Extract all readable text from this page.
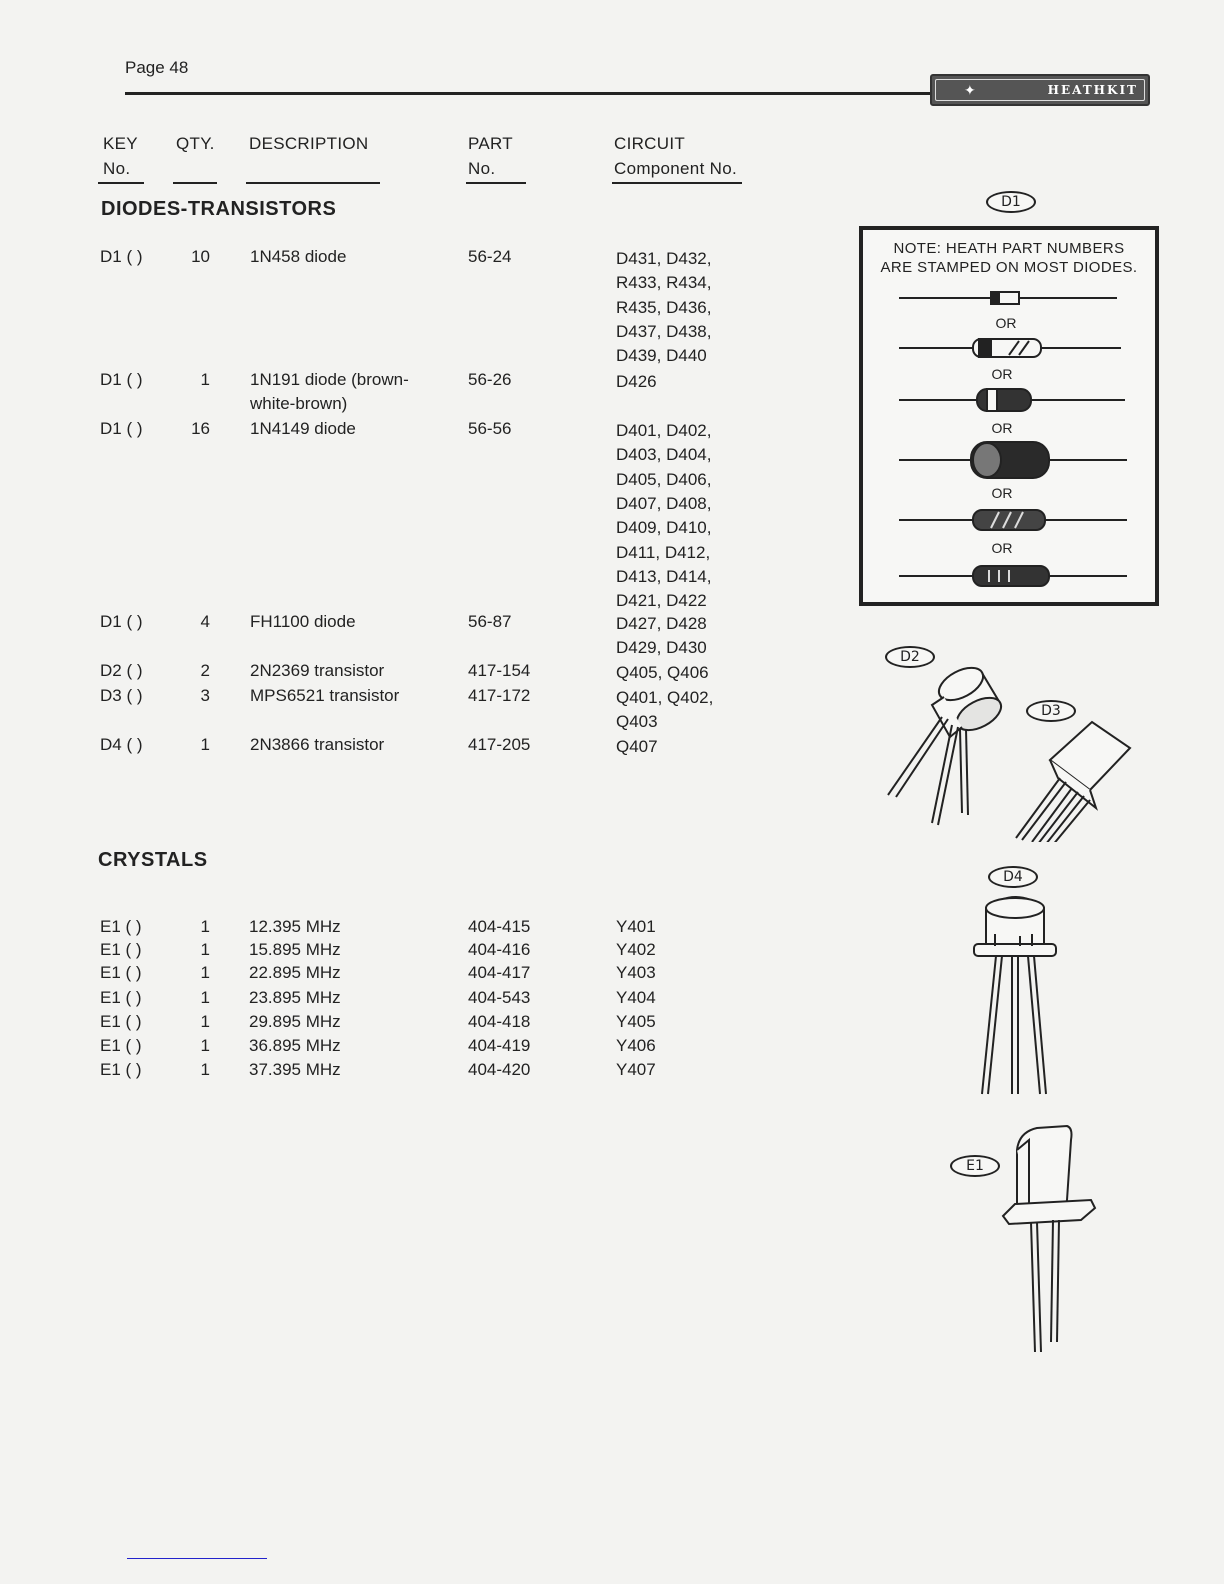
Page 48
✦	HEATHKIT
KEY
No.
QTY. DESCRIPTION	PART
No.
CIRCUIT
Component No.
DIODES-TRANSISTORS
D1 ( )	10 1N458 diode	56-24	D431, D432,
R433, R434,
R435, D436,
D437, D438,
D439, D440
D1 ( )	1 1N191 diode (brown-
white-brown)
56-26	D426
D1 ( )	16 1N4149 diode	56-56	D401, D402,
D403, D404,
D405, D406,
D407, D408,
D409, D410,
D411, D412,
D413, D414,
D421, D422
D1 ( )	4 FH1100 diode	56-87	D427, D428
D429, D430
D2 ( )	2 2N2369 transistor	417-154	Q405, Q406
D3 ( )	3 MPS6521 transistor	417-172	Q401, Q402,
Q403
D4 ( )	1 2N3866 transistor	417-205	Q407
CRYSTALS
E1 ( )	1 12.395 MHz	404-415	Y401
E1 ( )	1 15.895 MHz	404-416	Y402
E1 ( )	1 22.895 MHz	404-417	Y403
E1 ( )	1 23.895 MHz	404-543	Y404
E1 ( )	1 29.895 MHz	404-418	Y405
E1 ( )	1 36.895 MHz	404-419	Y406
E1 ( )	1 37.395 MHz	404-420	Y407
D1
NOTE: HEATH PART NUMBERS
ARE STAMPED ON MOST DIODES.
OR
OR
OR
OR
OR
D2
D3
D4
E1
